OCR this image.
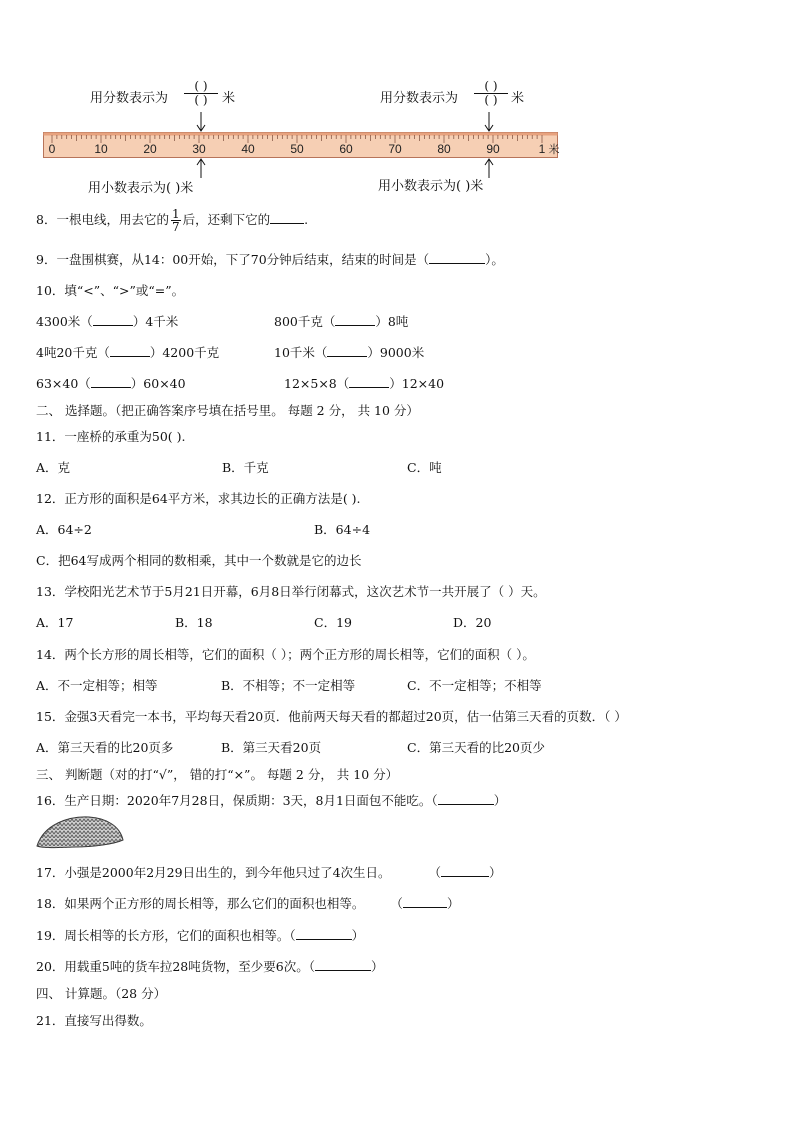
用分数表示为
( )
( )	米	用分数表示为
( )
( )	米
0	10	20	30	40	50	60	70	80	90	1 米
用小数表示为( )米	用小数表示为( )米
8．一根电线，用去它的 $\frac{1}{7}$ 后，还剩下它的	.
9．一盘围棋赛，从14：00开始，下了70分钟后结束，结束的时间是（	）。
10．填“<”、“>”或“=”。
4300米（	）4千米	800千克（	）8吨
4吨20千克（	）4200千克	10千米（	）9000米
63×40（	）60×40	12×5×8（	）12×40
二、 选择题。（把正确答案序号填在括号里。 每题 2 分， 共 10 分）
11．一座桥的承重为50( ).
A．克	B．千克	C．吨
12．正方形的面积是64平方米，求其边长的正确方法是( ).
A．64÷2	B．64÷4
C．把64写成两个相同的数相乘，其中一个数就是它的边长
13．学校阳光艺术节于5月21日开幕，6月8日举行闭幕式，这次艺术节一共开展了（ ）天。
A．17	B．18	C．19	D．20
14．两个长方形的周长相等，它们的面积（ ）；两个正方形的周长相等，它们的面积（ ）。
A．不一定相等；相等	B．不相等；不一定相等	C．不一定相等；不相等
15．金强3天看完一本书，平均每天看20页．他前两天每天看的都超过20页，估一估第三天看的页数．（ ）
A．第三天看的比20页多	B．第三天看20页	C．第三天看的比20页少
三、 判断题（对的打“√”， 错的打“×”。 每题 2 分， 共 10 分）
16．生产日期：2020年7月28日，保质期：3天，8月1日面包不能吃。（	）
17．小强是2000年2月29日出生的，到今年他只过了4次生日。	（	）
18．如果两个正方形的周长相等，那么它们的面积也相等。 （	）
19．周长相等的长方形，它们的面积也相等。（	）
20．用载重5吨的货车拉28吨货物，至少要6次。（	）
四、 计算题。（28 分）
21．直接写出得数。
